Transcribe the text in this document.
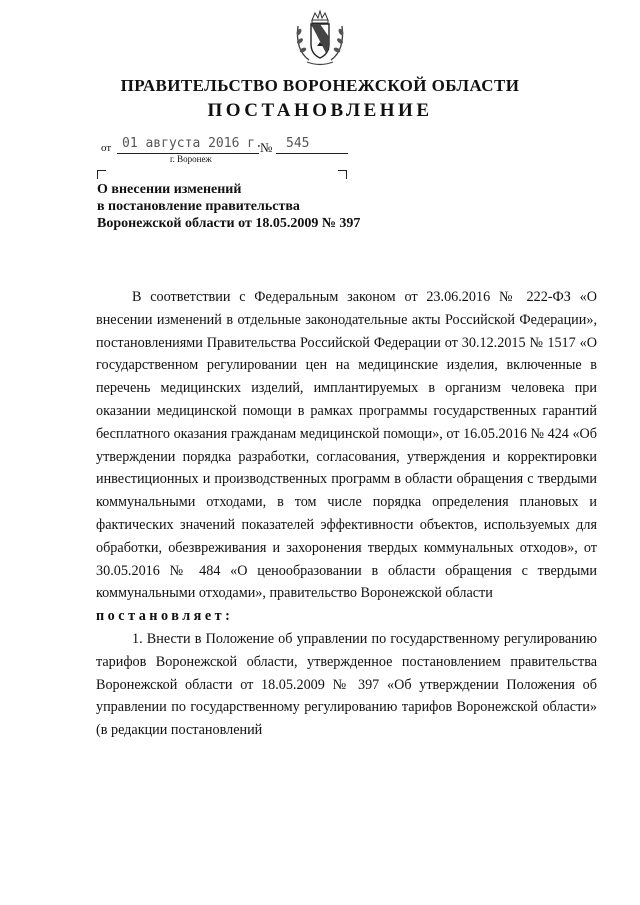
ПРАВИТЕЛЬСТВО ВОРОНЕЖСКОЙ ОБЛАСТИ
ПОСТАНОВЛЕНИЕ
от 01 августа 2016 г.
№ 545
г. Воронеж
О внесении изменений
в постановление правительства
Воронежской области от 18.05.2009 № 397

В соответствии с Федеральным законом от 23.06.2016 № 222-ФЗ «О внесении изменений в отдельные законодательные акты Российской Федерации», постановлениями Правительства Российской Федерации от 30.12.2015 № 1517 «О государственном регулировании цен на медицинские изделия, включенные в перечень медицинских изделий, имплантируемых в организм человека при оказании медицинской помощи в рамках программы государственных гарантий бесплатного оказания гражданам медицинской помощи», от 16.05.2016 № 424 «Об утверждении порядка разработки, согласования, утверждения и корректировки инвестиционных и производственных программ в области обращения с твердыми коммунальными отходами, в том числе порядка определения плановых и фактических значений показателей эффективности объектов, используемых для обработки, обезвреживания и захоронения твердых коммунальных отходов», от 30.05.2016 № 484 «О ценообразовании в области обращения с твердыми коммунальными отходами», правительство Воронежской области

постановляет:

1. Внести в Положение об управлении по государственному регулированию тарифов Воронежской области, утвержденное постановлением правительства Воронежской области от 18.05.2009 № 397 «Об утверждении Положения об управлении по государственному регулированию тарифов Воронежской области» (в редакции постановлений
